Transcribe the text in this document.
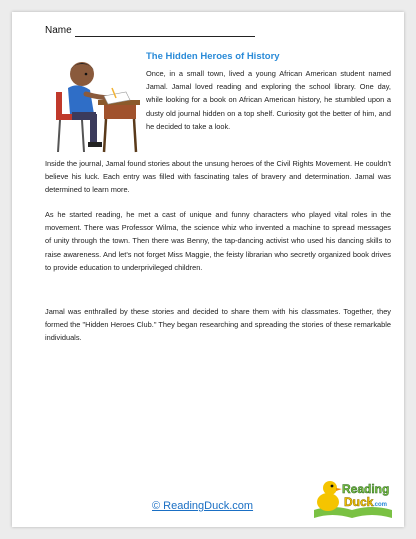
Name
The Hidden Heroes of History

Once, in a small town, lived a young African American student named Jamal. Jamal loved reading and exploring the school library. One day, while looking for a book on African American history, he stumbled upon a dusty old journal hidden on a top shelf. Curiosity got the better of him, and he decided to take a look.

Inside the journal, Jamal found stories about the unsung heroes of the Civil Rights Movement. He couldn't believe his luck. Each entry was filled with fascinating tales of bravery and determination. Jamal was determined to learn more.

As he started reading, he met a cast of unique and funny characters who played vital roles in the movement. There was Professor Wilma, the science whiz who invented a machine to spread messages of unity through the town. Then there was Benny, the tap-dancing activist who used his dancing skills to raise awareness. And let's not forget Miss Maggie, the feisty librarian who secretly organized book drives to provide education to underprivileged children.

Jamal was enthralled by these stories and decided to share them with his classmates. Together, they formed the "Hidden Heroes Club." They began researching and spreading the stories of these remarkable individuals.

© ReadingDuck.com
Reading
Duck .com
